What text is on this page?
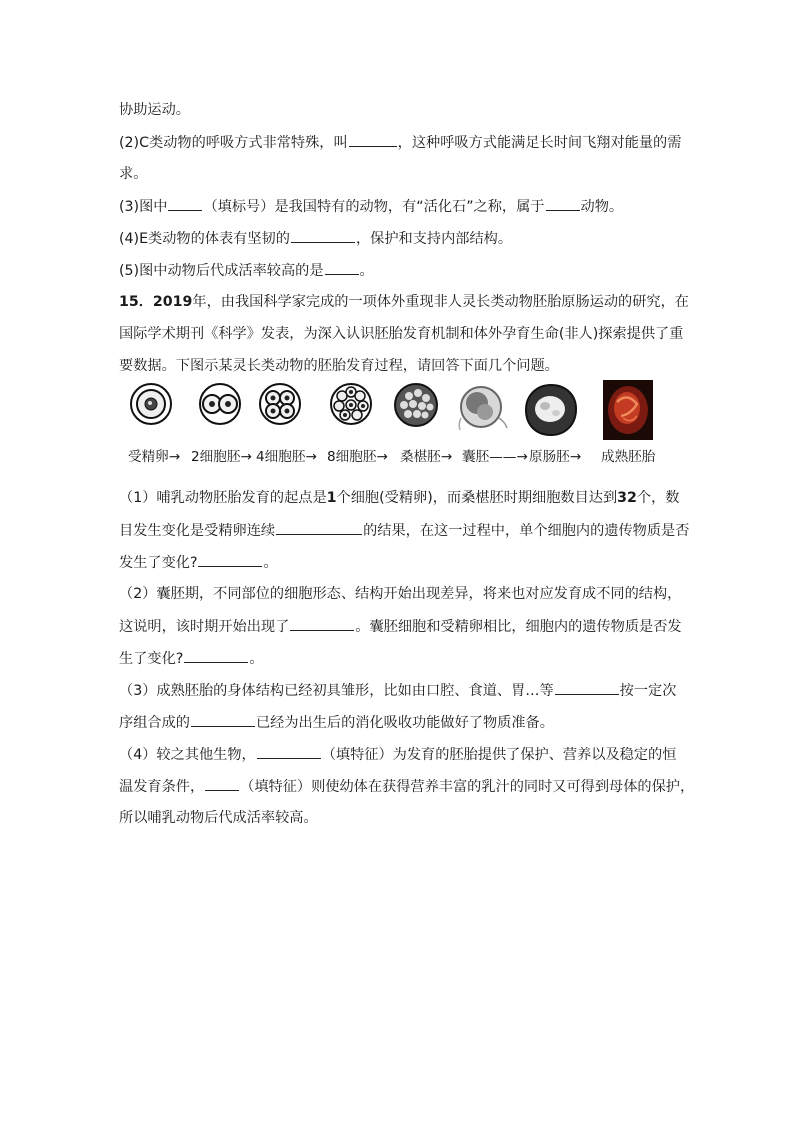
协助运动。
(2)C类动物的呼吸方式非常特殊，叫	，这种呼吸方式能满足长时间飞翔对能量的需
求。
(3)图中	（填标号）是我国特有的动物，有“活化石”之称，属于	动物。
(4)E类动物的体表有坚韧的	，保护和支持内部结构。
(5)图中动物后代成活率较高的是	。
15．2019年，由我国科学家完成的一项体外重现非人灵长类动物胚胎原肠运动的研究，在
国际学术期刊《科学》发表，为深入认识胚胎发育机制和体外孕育生命(非人)探索提供了重
要数据。下图示某灵长类动物的胚胎发育过程，请回答下面几个问题。
受精卵→ 2细胞胚→ 4细胞胚→ 8细胞胚→ 桑椹胚→ 囊胚——→ 原肠胚→ 成熟胚胎
（1）哺乳动物胚胎发育的起点是1个细胞(受精卵)，而桑椹胚时期细胞数目达到32个，数
目发生变化是受精卵连续	的结果，在这一过程中，单个细胞内的遗传物质是否
发生了变化?	。
（2）囊胚期，不同部位的细胞形态、结构开始出现差异，将来也对应发育成不同的结构，
这说明，该时期开始出现了	。囊胚细胞和受精卵相比，细胞内的遗传物质是否发
生了变化?	。
（3）成熟胚胎的身体结构已经初具雏形，比如由口腔、食道、胃…等	按一定次
序组合成的	已经为出生后的消化吸收功能做好了物质准备。
（4）较之其他生物，	（填特征）为发育的胚胎提供了保护、营养以及稳定的恒
温发育条件，	（填特征）则使幼体在获得营养丰富的乳汁的同时又可得到母体的保护，
所以哺乳动物后代成活率较高。
